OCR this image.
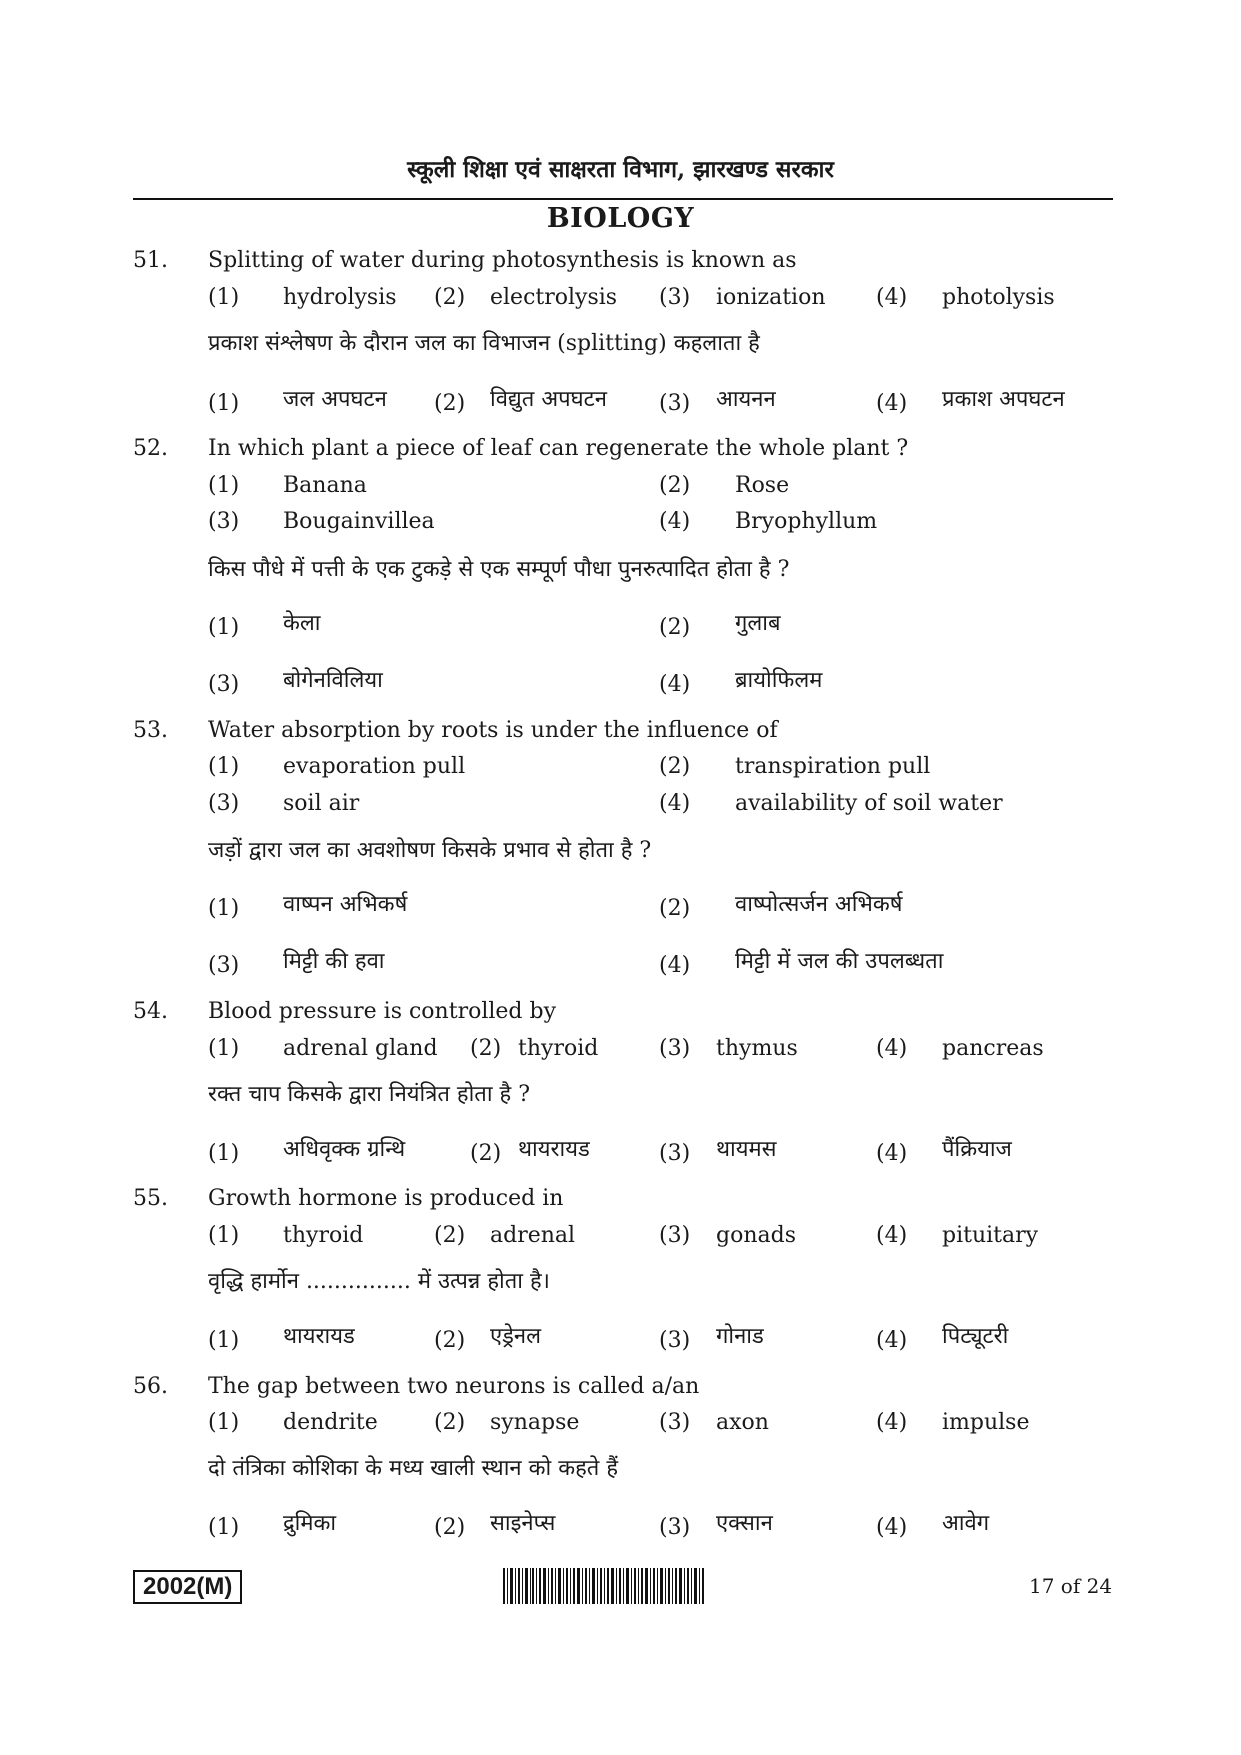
स्कूली शिक्षा एवं साक्षरता विभाग, झारखण्ड सरकार
BIOLOGY
51. Splitting of water during photosynthesis is known as
(1) hydrolysis (2) electrolysis (3) ionization (4) photolysis
प्रकाश संश्लेषण के दौरान जल का विभाजन (splitting) कहलाता है
(1) जल अपघटन (2) विद्युत अपघटन (3) आयनन	(4) प्रकाश अपघटन
52. In which plant a piece of leaf can regenerate the whole plant ?
(1) Banana	(2) Rose
(3) Bougainvillea	(4) Bryophyllum
किस पौधे में पत्ती के एक टुकड़े से एक सम्पूर्ण पौधा पुनरुत्पादित होता है ?
(1) केला	(2) गुलाब
(3) बोगेनविलिया	(4) ब्रायोफिलम
53. Water absorption by roots is under the influence of
(1) evaporation pull	(2) transpiration pull
(3) soil air	(4) availability of soil water
जड़ों द्वारा जल का अवशोषण किसके प्रभाव से होता है ?
(1) वाष्पन अभिकर्ष	(2) वाष्पोत्सर्जन अभिकर्ष
(3) मिट्टी की हवा	(4) मिट्टी में जल की उपलब्धता
54. Blood pressure is controlled by
(1) adrenal gland (2) thyroid	(3) thymus	(4) pancreas
रक्त चाप किसके द्वारा नियंत्रित होता है ?
(1) अधिवृक्क ग्रन्थि	(2) थायरायड	(3) थायमस	(4) पैंक्रियाज
55. Growth hormone is produced in
(1) thyroid	(2) adrenal	(3) gonads	(4) pituitary
वृद्धि हार्मोन ............... में उत्पन्न होता है।
(1) थायरायड	(2) एड्रेनल	(3) गोनाड	(4) पिट्यूटरी
56. The gap between two neurons is called a/an
(1) dendrite	(2) synapse	(3) axon	(4) impulse
दो तंत्रिका कोशिका के मध्य खाली स्थान को कहते हैं
(1) द्रुमिका	(2) साइनेप्स	(3) एक्सान	(4) आवेग
2002(M)	17 of 24
